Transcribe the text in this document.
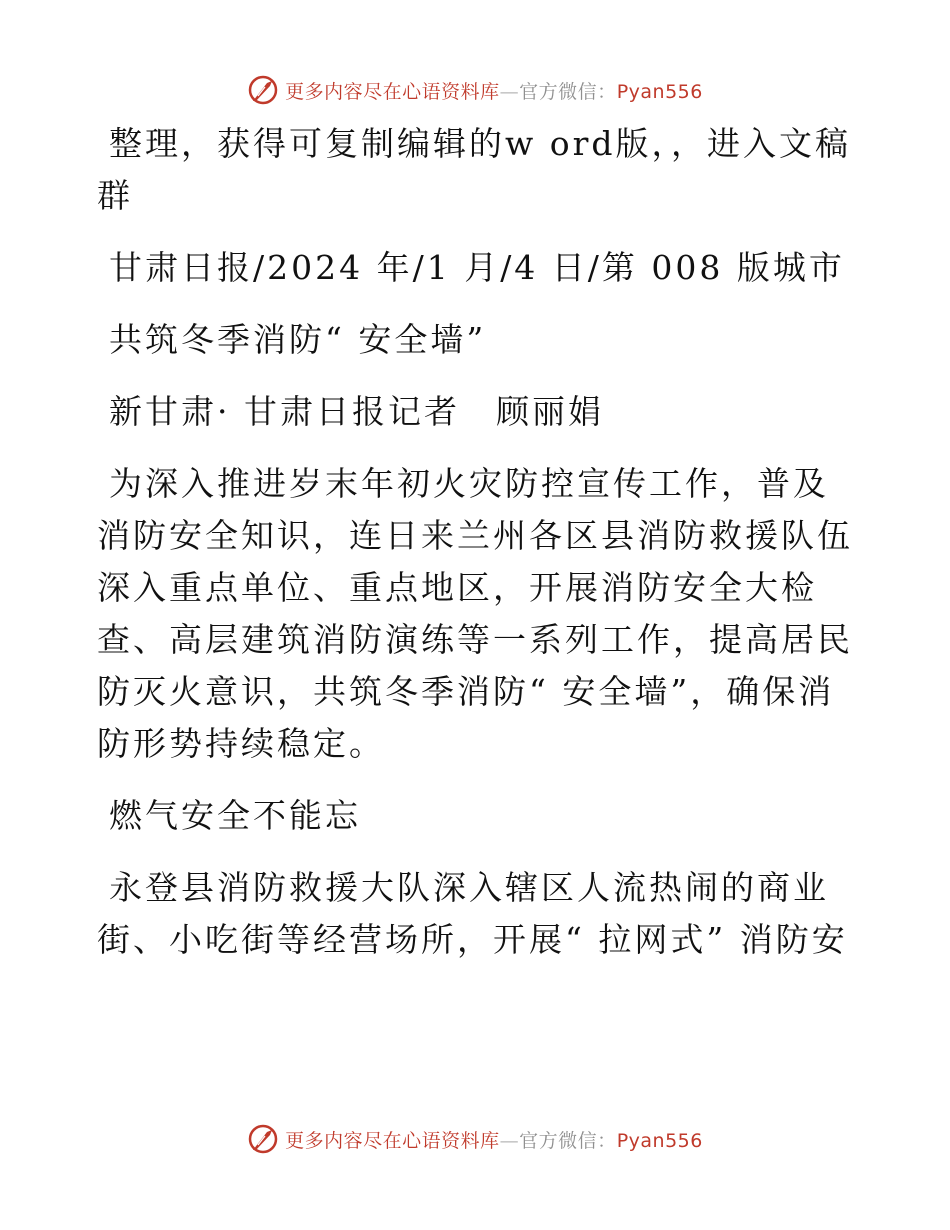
更多内容尽在心语资料库—官方微信：Pyan556

整理，获得可复制编辑的w ord版，，进入文稿群

甘肃日报/2024 年/1 月/4 日/第 008 版城市

共筑冬季消防“ 安全墙”

新甘肃· 甘肃日报记者　顾丽娟

为深入推进岁末年初火灾防控宣传工作，普及消防安全知识，连日来兰州各区县消防救援队伍深入重点单位、重点地区，开展消防安全大检查、高层建筑消防演练等一系列工作，提高居民防灭火意识，共筑冬季消防“ 安全墙”，确保消防形势持续稳定。

燃气安全不能忘

永登县消防救援大队深入辖区人流热闹的商业街、小吃街等经营场所，开展“ 拉网式” 消防安

更多内容尽在心语资料库—官方微信：Pyan556
